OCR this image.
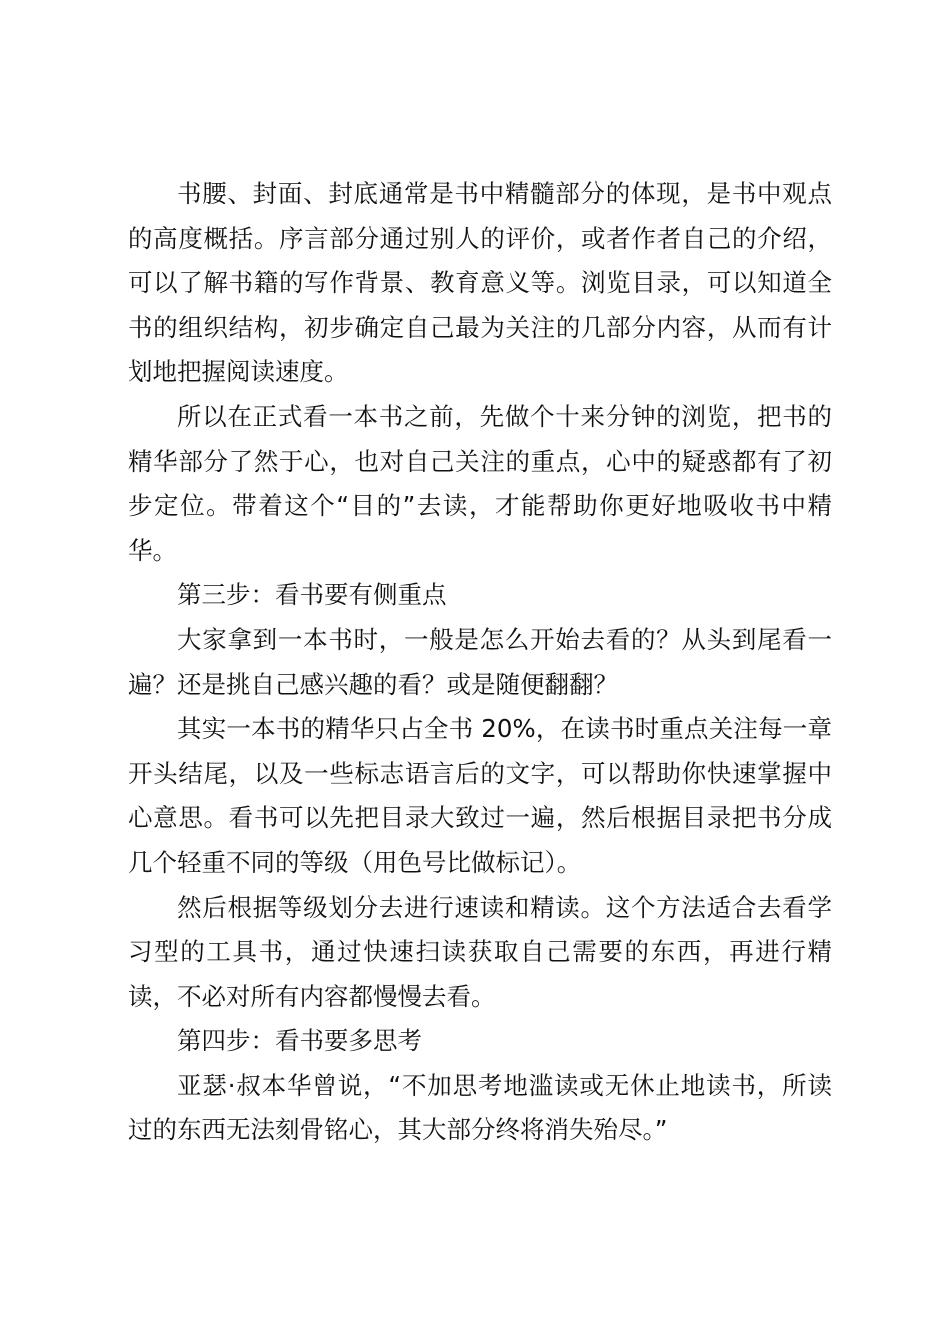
书腰、封面、封底通常是书中精髓部分的体现，是书中观点的高度概括。序言部分通过别人的评价，或者作者自己的介绍，可以了解书籍的写作背景、教育意义等。浏览目录，可以知道全书的组织结构，初步确定自己最为关注的几部分内容，从而有计划地把握阅读速度。

所以在正式看一本书之前，先做个十来分钟的浏览，把书的精华部分了然于心，也对自己关注的重点，心中的疑惑都有了初步定位。带着这个“目的”去读，才能帮助你更好地吸收书中精华。

第三步：看书要有侧重点

大家拿到一本书时，一般是怎么开始去看的？从头到尾看一遍？还是挑自己感兴趣的看？或是随便翻翻？

其实一本书的精华只占全书 20%，在读书时重点关注每一章开头结尾，以及一些标志语言后的文字，可以帮助你快速掌握中心意思。看书可以先把目录大致过一遍，然后根据目录把书分成几个轻重不同的等级（用色号比做标记）。

然后根据等级划分去进行速读和精读。这个方法适合去看学习型的工具书，通过快速扫读获取自己需要的东西，再进行精读，不必对所有内容都慢慢去看。

第四步：看书要多思考

亚瑟·叔本华曾说，“不加思考地滥读或无休止地读书，所读过的东西无法刻骨铭心，其大部分终将消失殆尽。”
